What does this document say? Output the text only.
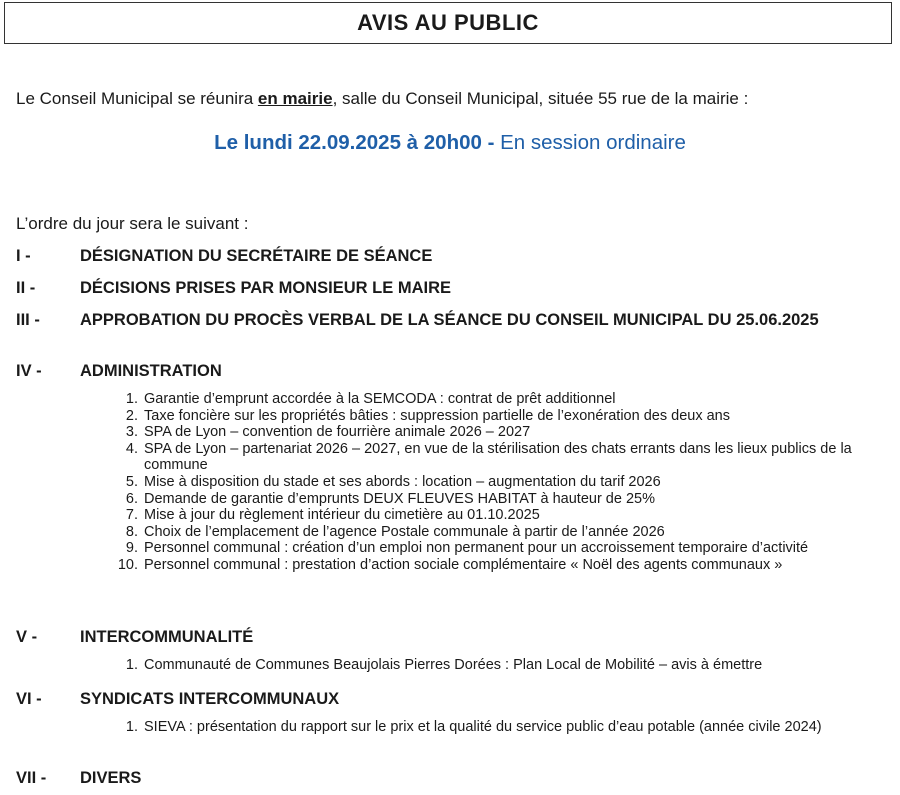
AVIS AU PUBLIC
Le Conseil Municipal se réunira en mairie, salle du Conseil Municipal, située 55 rue de la mairie :
Le lundi 22.09.2025 à 20h00 - En session ordinaire
L’ordre du jour sera le suivant :
I -	DÉSIGNATION DU SECRÉTAIRE DE SÉANCE
II -	DÉCISIONS PRISES PAR MONSIEUR LE MAIRE
III - APPROBATION DU PROCÈS VERBAL DE LA SÉANCE DU CONSEIL MUNICIPAL DU 25.06.2025
IV - ADMINISTRATION
1. Garantie d’emprunt accordée à la SEMCODA : contrat de prêt additionnel
2. Taxe foncière sur les propriétés bâties : suppression partielle de l’exonération des deux ans
3. SPA de Lyon – convention de fourrière animale 2026 – 2027
4. SPA de Lyon – partenariat 2026 – 2027, en vue de la stérilisation des chats errants dans les lieux publics de la commune
5. Mise à disposition du stade et ses abords : location – augmentation du tarif 2026
6. Demande de garantie d’emprunts DEUX FLEUVES HABITAT à hauteur de 25%
7. Mise à jour du règlement intérieur du cimetière au 01.10.2025
8. Choix de l’emplacement de l’agence Postale communale à partir de l’année 2026
9. Personnel communal : création d’un emploi non permanent pour un accroissement temporaire d’activité
10. Personnel communal : prestation d’action sociale complémentaire « Noël des agents communaux »
V -	INTERCOMMUNALITÉ
1. Communauté de Communes Beaujolais Pierres Dorées : Plan Local de Mobilité – avis à émettre
VI - SYNDICATS INTERCOMMUNAUX
1. SIEVA : présentation du rapport sur le prix et la qualité du service public d’eau potable (année civile 2024)
VII - DIVERS
